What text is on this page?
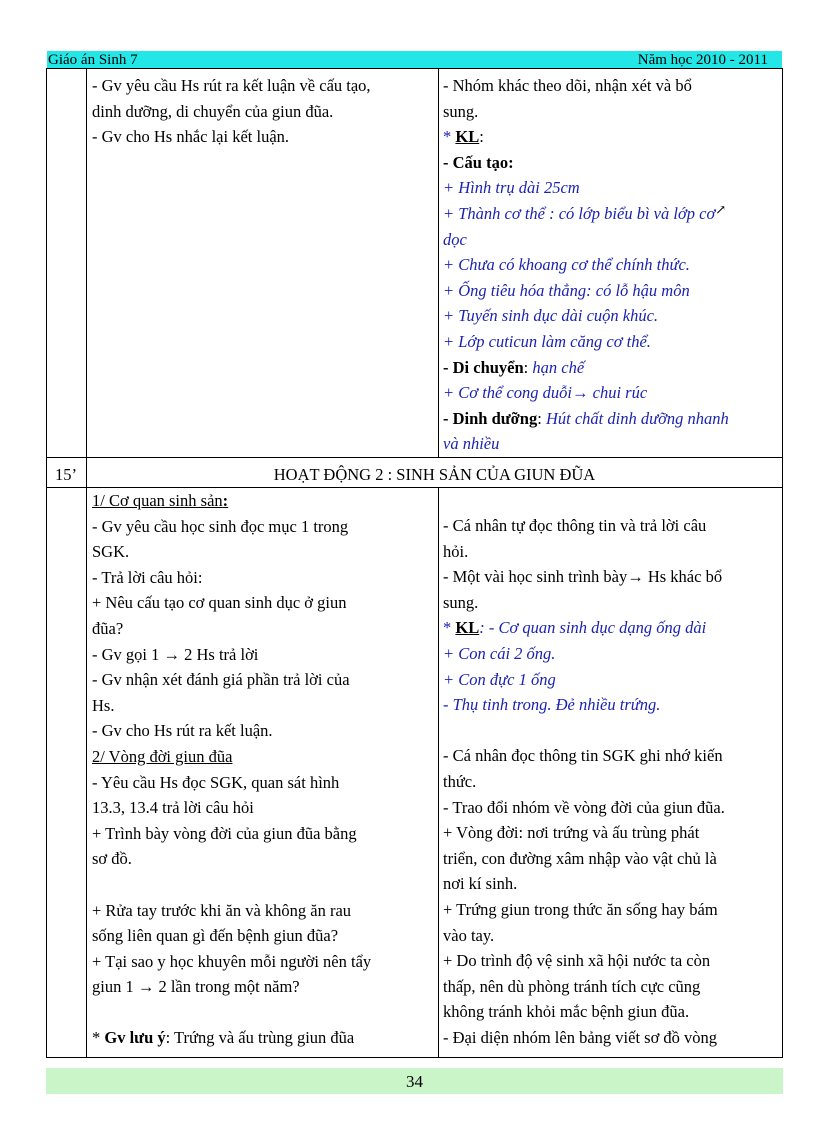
Giáo án Sinh 7	Năm học 2010 - 2011
- Gv yêu cầu Hs rút ra kết luận về cấu tạo,
dinh dưỡng, di chuyển của giun đũa.
- Gv cho Hs nhắc lại kết luận.
- Nhóm khác theo dõi, nhận xét và bổ
sung.
* KL:
- Cấu tạo:
+ Hình trụ dài 25cm
+ Thành cơ thể : có lớp biểu bì và lớp cơ↗
dọc
+ Chưa có khoang cơ thể chính thức.
+ Ống tiêu hóa thẳng: có lỗ hậu môn
+ Tuyến sinh dục dài cuộn khúc.
+ Lớp cuticun làm căng cơ thể.
- Di chuyển: hạn chế
+ Cơ thể cong duỗi→ chui rúc
- Dinh dưỡng: Hút chất dinh dưỡng nhanh
và nhiều
15’	HOẠT ĐỘNG 2 : SINH SẢN CỦA GIUN ĐŨA
1/ Cơ quan sinh sản:
- Gv yêu cầu học sinh đọc mục 1 trong
SGK.
- Trả lời câu hỏi:
+ Nêu cấu tạo cơ quan sinh dục ở giun
đũa?
- Gv gọi 1 → 2 Hs trả lời
- Gv nhận xét đánh giá phần trả lời của
Hs.
- Gv cho Hs rút ra kết luận.
2/ Vòng đời giun đũa
- Yêu cầu Hs đọc SGK, quan sát hình
13.3, 13.4 trả lời câu hỏi
+ Trình bày vòng đời của giun đũa bằng
sơ đồ.
+ Rửa tay trước khi ăn và không ăn rau
sống liên quan gì đến bệnh giun đũa?
+ Tại sao y học khuyên mỗi người nên tẩy
giun 1 → 2 lần trong một năm?
* Gv lưu ý: Trứng và ấu trùng giun đũa
- Cá nhân tự đọc thông tin và trả lời câu
hỏi.
- Một vài học sinh trình bày→ Hs khác bổ
sung.
* KL: - Cơ quan sinh dục dạng ống dài
+ Con cái 2 ống.
+ Con đực 1 ống
- Thụ tinh trong. Đẻ nhiều trứng.
- Cá nhân đọc thông tin SGK ghi nhớ kiến
thức.
- Trao đổi nhóm về vòng đời của giun đũa.
+ Vòng đời: nơi trứng và ấu trùng phát
triển, con đường xâm nhập vào vật chủ là
nơi kí sinh.
+ Trứng giun trong thức ăn sống hay bám
vào tay.
+ Do trình độ vệ sinh xã hội nước ta còn
thấp, nên dù phòng tránh tích cực cũng
không tránh khỏi mắc bệnh giun đũa.
- Đại diện nhóm lên bảng viết sơ đồ vòng
34
